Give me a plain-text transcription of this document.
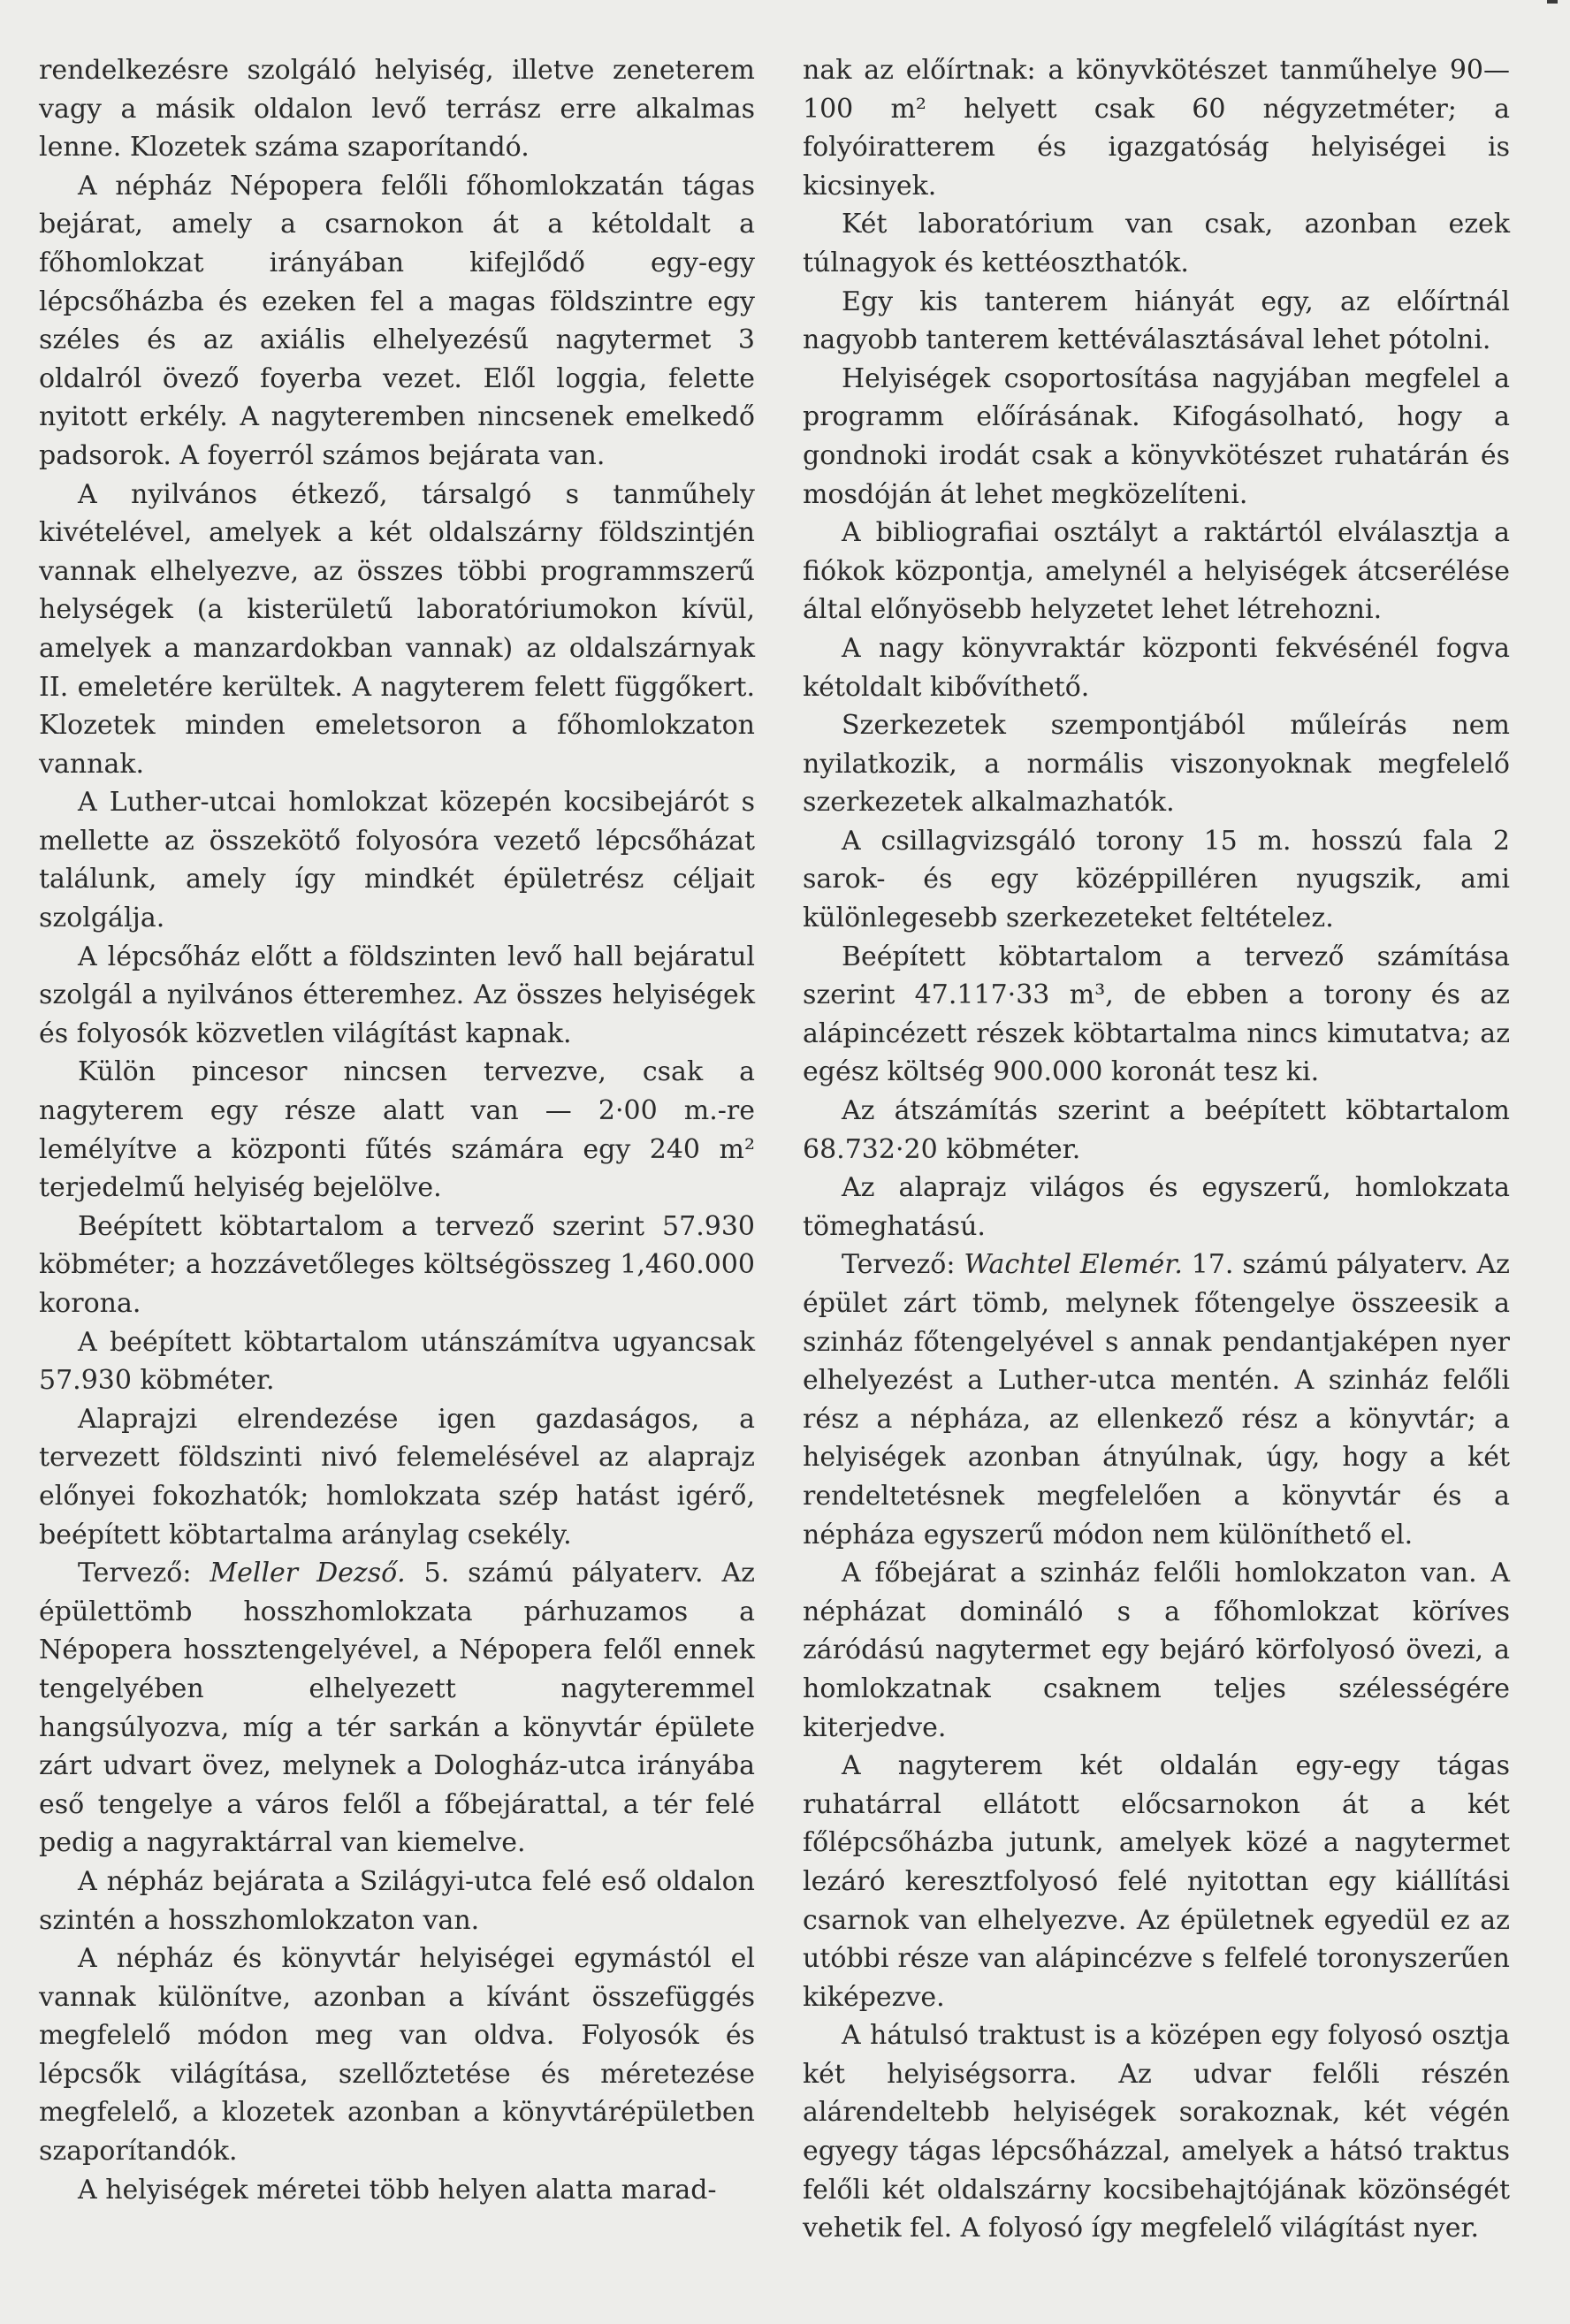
rendelkezésre szolgáló helyiség, illetve zeneterem vagy a másik oldalon levő terrász erre alkalmas lenne. Klozetek száma szaporítandó.

A népház Népopera felőli főhomlokzatán tágas bejárat, amely a csarnokon át a kétoldalt a főhomlokzat irányában kifejlődő egy-egy lépcsőházba és ezeken fel a magas földszintre egy széles és az axiális elhelyezésű nagytermet 3 oldalról övező foyerba vezet. Elől loggia, felette nyitott erkély. A nagyteremben nincsenek emelkedő padsorok. A foyerról számos bejárata van.

A nyilvános étkező, társalgó s tanműhely kivételével, amelyek a két oldalszárny földszintjén vannak elhelyezve, az összes többi programmszerű helységek (a kisterületű laboratóriumokon kívül, amelyek a manzardokban vannak) az oldalszárnyak II. emeletére kerültek. A nagyterem felett függőkert. Klozetek minden emeletsoron a főhomlokzaton vannak.

A Luther-utcai homlokzat közepén kocsibejárót s mellette az összekötő folyosóra vezető lépcsőházat találunk, amely így mindkét épületrész céljait szolgálja.

A lépcsőház előtt a földszinten levő hall bejáratul szolgál a nyilvános étteremhez. Az összes helyiségek és folyosók közvetlen világítást kapnak.

Külön pincesor nincsen tervezve, csak a nagyterem egy része alatt van — 2·00 m.-re lemélyítve a központi fűtés számára egy 240 m² terjedelmű helyiség bejelölve.

Beépített köbtartalom a tervező szerint 57.930 köbméter; a hozzávetőleges költségösszeg 1,460.000 korona.

A beépített köbtartalom utánszámítva ugyancsak 57.930 köbméter.

Alaprajzi elrendezése igen gazdaságos, a tervezett földszinti nivó felemelésével az alaprajz előnyei fokozhatók; homlokzata szép hatást igérő, beépített köbtartalma aránylag csekély.

Tervező: Meller Dezső. 5. számú pályaterv. Az épülettömb hosszhomlokzata párhuzamos a Népopera hossztengelyével, a Népopera felől ennek tengelyében elhelyezett nagyteremmel hangsúlyozva, míg a tér sarkán a könyvtár épülete zárt udvart övez, melynek a Dologház-utca irányába eső tengelye a város felől a főbejárattal, a tér felé pedig a nagyraktárral van kiemelve.

A népház bejárata a Szilágyi-utca felé eső oldalon szintén a hosszhomlokzaton van.

A népház és könyvtár helyiségei egymástól el vannak különítve, azonban a kívánt összefüggés megfelelő módon meg van oldva. Folyosók és lépcsők világítása, szellőztetése és méretezése megfelelő, a klozetek azonban a könyvtárépületben szaporítandók.

A helyiségek méretei több helyen alatta marad-

nak az előírtnak: a könyvkötészet tanműhelye 90—100 m² helyett csak 60 négyzetméter; a folyóiratterem és igazgatóság helyiségei is kicsinyek.

Két laboratórium van csak, azonban ezek túlnagyok és kettéoszthatók.

Egy kis tanterem hiányát egy, az előírtnál nagyobb tanterem kettéválasztásával lehet pótolni.

Helyiségek csoportosítása nagyjában megfelel a programm előírásának. Kifogásolható, hogy a gondnoki irodát csak a könyvkötészet ruhatárán és mosdóján át lehet megközelíteni.

A bibliografiai osztályt a raktártól elválasztja a fiókok központja, amelynél a helyiségek átcserélése által előnyösebb helyzetet lehet létrehozni.

A nagy könyvraktár központi fekvésénél fogva kétoldalt kibővíthető.

Szerkezetek szempontjából műleírás nem nyilatkozik, a normális viszonyoknak megfelelő szerkezetek alkalmazhatók.

A csillagvizsgáló torony 15 m. hosszú fala 2 sarok- és egy középpilléren nyugszik, ami különlegesebb szerkezeteket feltételez.

Beépített köbtartalom a tervező számítása szerint 47.117·33 m³, de ebben a torony és az alápincézett részek köbtartalma nincs kimutatva; az egész költség 900.000 koronát tesz ki.

Az átszámítás szerint a beépített köbtartalom 68.732·20 köbméter.

Az alaprajz világos és egyszerű, homlokzata tömeghatású.

Tervező: Wachtel Elemér. 17. számú pályaterv. Az épület zárt tömb, melynek főtengelye összeesik a szinház főtengelyével s annak pendantjaképen nyer elhelyezést a Luther-utca mentén. A szinház felőli rész a népháza, az ellenkező rész a könyvtár; a helyiségek azonban átnyúlnak, úgy, hogy a két rendeltetésnek megfelelően a könyvtár és a népháza egyszerű módon nem különíthető el.

A főbejárat a szinház felőli homlokzaton van. A népházat domináló s a főhomlokzat köríves záródású nagytermet egy bejáró körfolyosó övezi, a homlokzatnak csaknem teljes szélességére kiterjedve.

A nagyterem két oldalán egy-egy tágas ruhatárral ellátott előcsarnokon át a két főlépcsőházba jutunk, amelyek közé a nagytermet lezáró keresztfolyosó felé nyitottan egy kiállítási csarnok van elhelyezve. Az épületnek egyedül ez az utóbbi része van alápincézve s felfelé toronyszerűen kiképezve.

A hátulsó traktust is a középen egy folyosó osztja két helyiségsorra. Az udvar felőli részén alárendeltebb helyiségek sorakoznak, két végén egyegy tágas lépcsőházzal, amelyek a hátsó traktus felőli két oldalszárny kocsibehajtójának közönségét vehetik fel. A folyosó így megfelelő világítást nyer.
